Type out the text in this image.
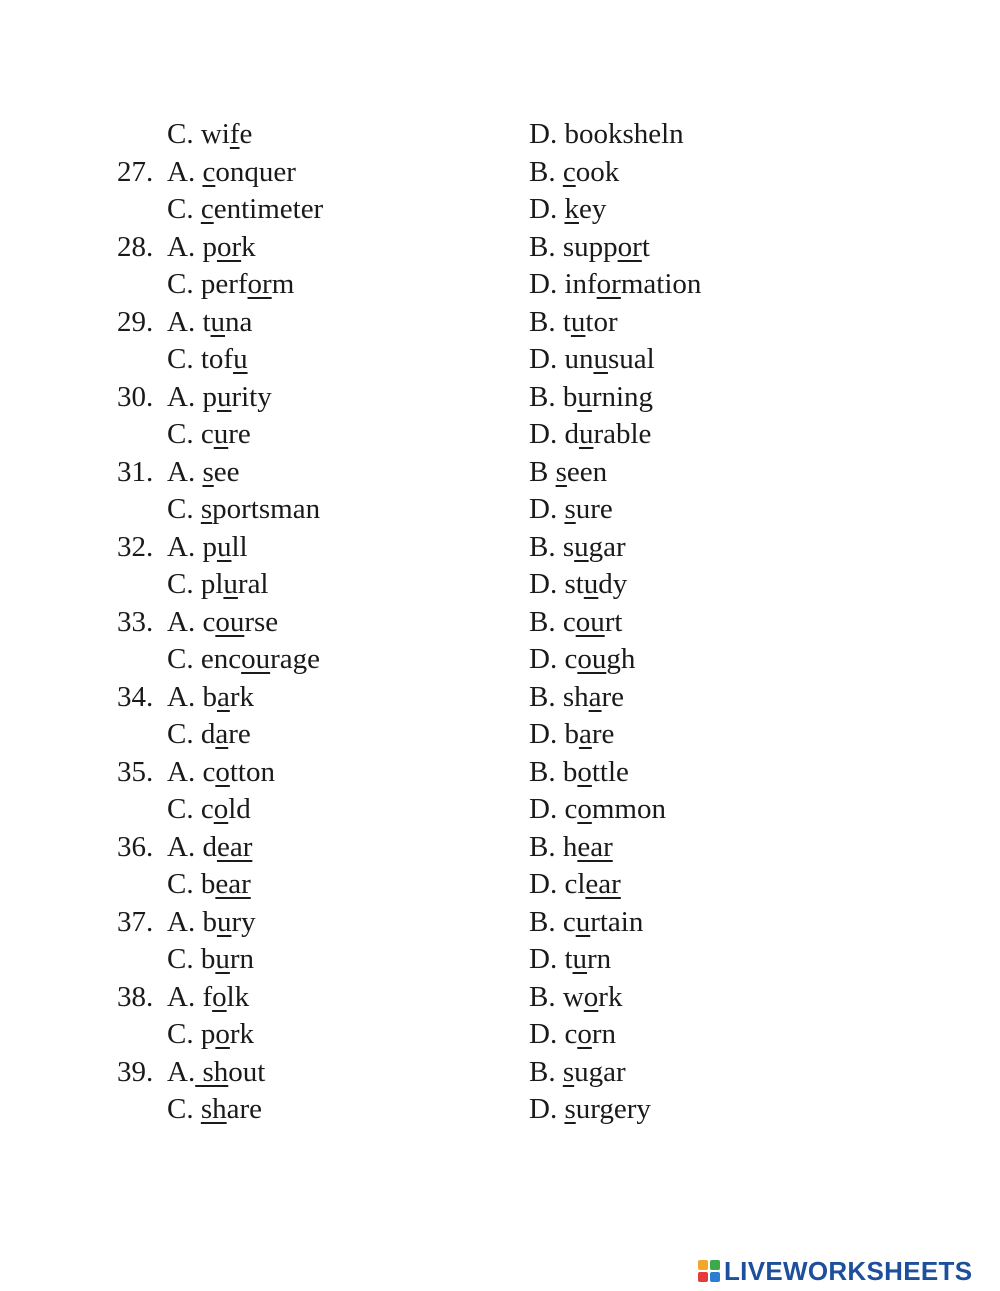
C. wife	D. booksheln
27. A. conquer	B. cook
C. centimeter	D. key
28. A. pork	B. support
C. perform	D. information
29. A. tuna	B. tutor
C. tofu	D. unusual
30. A. purity	B. burning
C. cure	D. durable
31. A. see	B seen
C. sportsman	D. sure
32. A. pull	B. sugar
C. plural	D. study
33. A. course	B. court
C. encourage	D. cough
34. A. bark	B. share
C. dare	D. bare
35. A. cotton	B. bottle
C. cold	D. common
36. A. dear	B. hear
C. bear	D. clear
37. A. bury	B. curtain
C. burn	D. turn
38. A. folk	B. work
C. pork	D. corn
39. A. shout	B. sugar
C. share	D. surgery
LIVEWORKSHEETS
